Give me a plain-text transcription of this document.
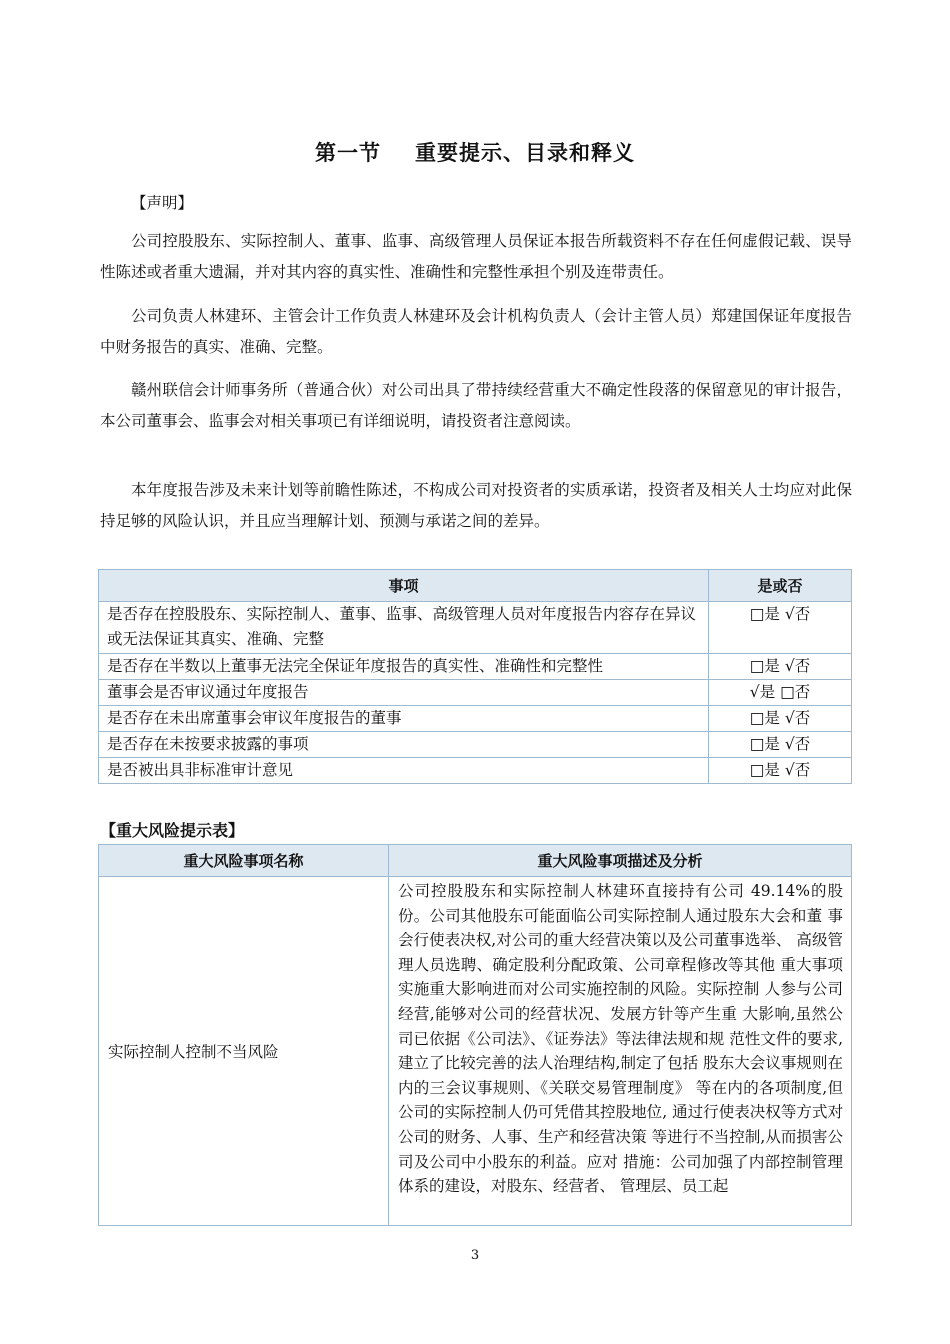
第一节 重要提示、目录和释义
【声明】
公司控股股东、实际控制人、董事、监事、高级管理人员保证本报告所载资料不存在任何虚假记载、误导性陈述或者重大遗漏，并对其内容的真实性、准确性和完整性承担个别及连带责任。
公司负责人林建环、主管会计工作负责人林建环及会计机构负责人（会计主管人员）郑建国保证年度报告中财务报告的真实、准确、完整。
赣州联信会计师事务所（普通合伙）对公司出具了带持续经营重大不确定性段落的保留意见的审计报告，本公司董事会、监事会对相关事项已有详细说明，请投资者注意阅读。
本年度报告涉及未来计划等前瞻性陈述，不构成公司对投资者的实质承诺，投资者及相关人士均应对此保持足够的风险认识，并且应当理解计划、预测与承诺之间的差异。
事项	是或否
是否存在控股股东、实际控制人、董事、监事、高级管理人员对年度报告内容存在异议或无法保证其真实、准确、完整	□是 √否
是否存在半数以上董事无法完全保证年度报告的真实性、准确性和完整性	□是 √否
董事会是否审议通过年度报告	√是 □否
是否存在未出席董事会审议年度报告的董事	□是 √否
是否存在未按要求披露的事项	□是 √否
是否被出具非标准审计意见	□是 √否
【重大风险提示表】
重大风险事项名称	重大风险事项描述及分析
实际控制人控制不当风险	公司控股股东和实际控制人林建环直接持有公司 49.14%的股份。公司其他股东可能面临公司实际控制人通过股东大会和董 事会行使表决权,对公司的重大经营决策以及公司董事选举、 高级管理人员选聘、确定股利分配政策、公司章程修改等其他 重大事项实施重大影响进而对公司实施控制的风险。实际控制 人参与公司经营,能够对公司的经营状况、发展方针等产生重 大影响,虽然公司已依据《公司法》、《证券法》等法律法规和规 范性文件的要求,建立了比较完善的法人治理结构,制定了包括 股东大会议事规则在内的三会议事规则、《关联交易管理制度》 等在内的各项制度,但公司的实际控制人仍可凭借其控股地位, 通过行使表决权等方式对公司的财务、人事、生产和经营决策 等进行不当控制,从而损害公司及公司中小股东的利益。应对 措施：公司加强了内部控制管理体系的建设，对股东、经营者、 管理层、员工起
3
